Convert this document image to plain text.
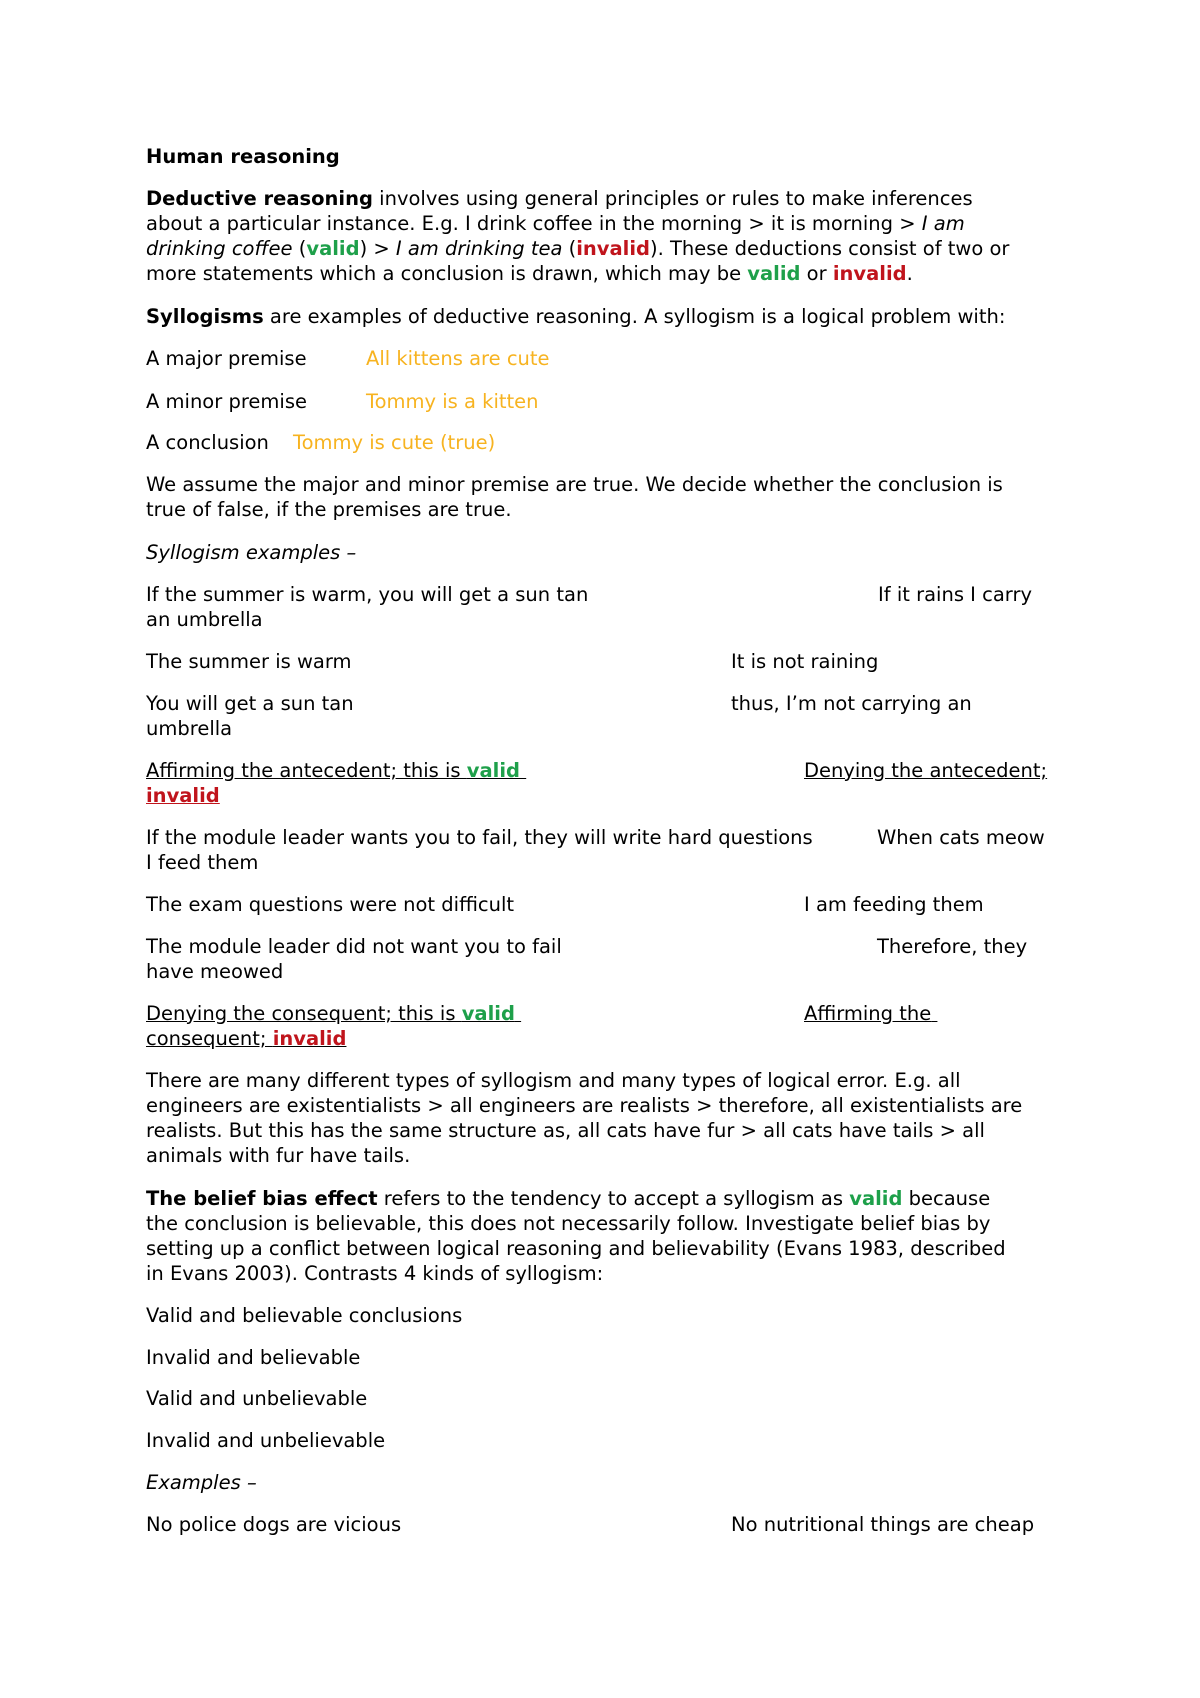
Human reasoning
Deductive reasoning involves using general principles or rules to make inferences
about a particular instance. E.g. I drink coffee in the morning > it is morning > I am
drinking coffee (valid) > I am drinking tea (invalid). These deductions consist of two or
more statements which a conclusion is drawn, which may be valid or invalid.
Syllogisms are examples of deductive reasoning. A syllogism is a logical problem with:
A major premise	All kittens are cute
A minor premise	Tommy is a kitten
A conclusion Tommy is cute (true)
We assume the major and minor premise are true. We decide whether the conclusion is
true of false, if the premises are true.
Syllogism examples –
If the summer is warm, you will get a sun tan	If it rains I carry
an umbrella
The summer is warm	It is not raining
You will get a sun tan	thus, I’m not carrying an
umbrella
Affirming the antecedent; this is valid	Denying the antecedent;
invalid
If the module leader wants you to fail, they will write hard questions	When cats meow
I feed them
The exam questions were not difficult	I am feeding them
The module leader did not want you to fail	Therefore, they
have meowed
Denying the consequent; this is valid	Affirming the
consequent; invalid
There are many different types of syllogism and many types of logical error. E.g. all
engineers are existentialists > all engineers are realists > therefore, all existentialists are
realists. But this has the same structure as, all cats have fur > all cats have tails > all
animals with fur have tails.
The belief bias effect refers to the tendency to accept a syllogism as valid because
the conclusion is believable, this does not necessarily follow. Investigate belief bias by
setting up a conflict between logical reasoning and believability (Evans 1983, described
in Evans 2003). Contrasts 4 kinds of syllogism:
Valid and believable conclusions
Invalid and believable
Valid and unbelievable
Invalid and unbelievable
Examples –
No police dogs are vicious	No nutritional things are cheap
